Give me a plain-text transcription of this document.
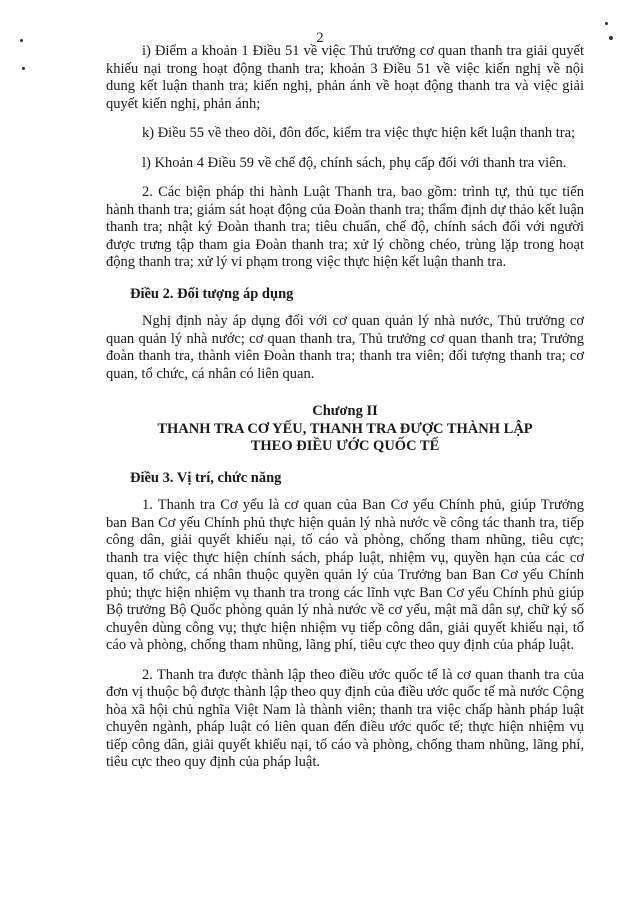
2

i) Điểm a khoản 1 Điều 51 về việc Thủ trưởng cơ quan thanh tra giải quyết khiếu nại trong hoạt động thanh tra; khoản 3 Điều 51 về việc kiến nghị về nội dung kết luận thanh tra; kiến nghị, phản ánh về hoạt động thanh tra và việc giải quyết kiến nghị, phản ánh;

k) Điều 55 về theo dõi, đôn đốc, kiểm tra việc thực hiện kết luận thanh tra;

l) Khoản 4 Điều 59 về chế độ, chính sách, phụ cấp đối với thanh tra viên.

2. Các biện pháp thi hành Luật Thanh tra, bao gồm: trình tự, thủ tục tiến hành thanh tra; giám sát hoạt động của Đoàn thanh tra; thẩm định dự thảo kết luận thanh tra; nhật ký Đoàn thanh tra; tiêu chuẩn, chế độ, chính sách đối với người được trưng tập tham gia Đoàn thanh tra; xử lý chồng chéo, trùng lặp trong hoạt động thanh tra; xử lý vi phạm trong việc thực hiện kết luận thanh tra.

Điều 2. Đối tượng áp dụng

Nghị định này áp dụng đối với cơ quan quản lý nhà nước, Thủ trưởng cơ quan quản lý nhà nước; cơ quan thanh tra, Thủ trưởng cơ quan thanh tra; Trưởng đoàn thanh tra, thành viên Đoàn thanh tra; thanh tra viên; đối tượng thanh tra; cơ quan, tổ chức, cá nhân có liên quan.

Chương II
THANH TRA CƠ YẾU, THANH TRA ĐƯỢC THÀNH LẬP
THEO ĐIỀU ƯỚC QUỐC TẾ

Điều 3. Vị trí, chức năng

1. Thanh tra Cơ yếu là cơ quan của Ban Cơ yếu Chính phủ, giúp Trưởng ban Ban Cơ yếu Chính phủ thực hiện quản lý nhà nước về công tác thanh tra, tiếp công dân, giải quyết khiếu nại, tố cáo và phòng, chống tham nhũng, tiêu cực; thanh tra việc thực hiện chính sách, pháp luật, nhiệm vụ, quyền hạn của các cơ quan, tổ chức, cá nhân thuộc quyền quản lý của Trưởng ban Ban Cơ yếu Chính phủ; thực hiện nhiệm vụ thanh tra trong các lĩnh vực Ban Cơ yếu Chính phủ giúp Bộ trưởng Bộ Quốc phòng quản lý nhà nước về cơ yếu, mật mã dân sự, chữ ký số chuyên dùng công vụ; thực hiện nhiệm vụ tiếp công dân, giải quyết khiếu nại, tố cáo và phòng, chống tham nhũng, lãng phí, tiêu cực theo quy định của pháp luật.

2. Thanh tra được thành lập theo điều ước quốc tế là cơ quan thanh tra của đơn vị thuộc bộ được thành lập theo quy định của điều ước quốc tế mà nước Cộng hòa xã hội chủ nghĩa Việt Nam là thành viên; thanh tra việc chấp hành pháp luật chuyên ngành, pháp luật có liên quan đến điều ước quốc tế; thực hiện nhiệm vụ tiếp công dân, giải quyết khiếu nại, tố cáo và phòng, chống tham nhũng, lãng phí, tiêu cực theo quy định của pháp luật.
